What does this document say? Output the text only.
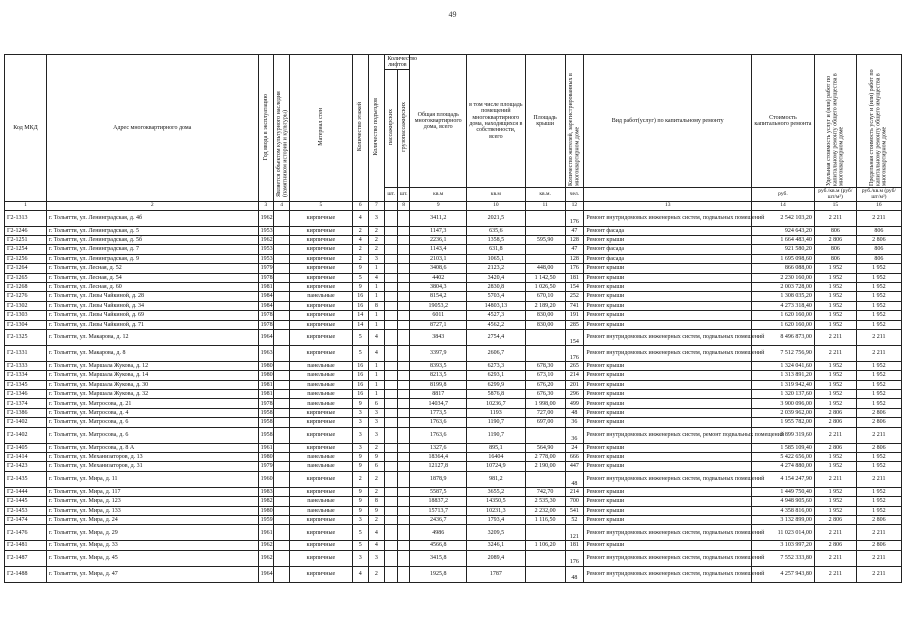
49
Код МКД	Адрес многоквартирного дома	Год ввода в эксплуатацию	Является объектом культурного наследия (памятником истории и культуры)	Материал стен	Количество этажей	Количество подъездов	Количество лифтов		Общая площадь многоквартирного дома, всего	в том числе площадь помещений многоквартирного дома, находящихся в собственности, всего	Площадь крыши	Количество жителей, зарегистрированных в многоквартирном доме	Вид работ(услуг) по капитальному ремонту	Стоимость капитального ремонта	Удельная стоимость услуг и (или) работ по капитальному ремонту общего имущества в многоквартирном доме	Предельная стоимость услуг и (или) работ по капитальному ремонту общего имущества в многоквартирном доме
							пассажирских	грузопассажирских								
							шт.	шт.	кв.м	кв.м	кв.м.	чел.		руб.	руб./кв.м (руб/шт/м²)	руб./кв.м (руб/шт/м²)
1	2	3	4	5	6	7		8	9	10	11	12	13	14	15	16
Г2-1313	г. Тольятти, ул. Ленинградская, д. 4б	1962		кирпичные	4	3			3411,2	2021,5		176	Ремонт внутридомовых инженерных систем, подвальных помещений	2 542 103,20	2 211	2 211
Г2-1246	г. Тольятти, ул. Ленинградская, д. 5	1953		кирпичные	2	2			1147,3	635,6		47	Ремонт фасада	924 643,20	806	806
Г2-1251	г. Тольятти, ул. Ленинградская, д. 5б	1962		кирпичные	4	2			2236,1	1358,5	595,90	128	Ремонт крыши	1 664 483,40	2 806	2 806
Г2-1254	г. Тольятти, ул. Ленинградская, д. 7	1953		кирпичные	2	2			1143,4	631,8		47	Ремонт фасада	921 580,20	806	806
Г2-1256	г. Тольятти, ул. Ленинградская, д. 9	1953		кирпичные	2	3			2103,1	1065,1		128	Ремонт фасада	1 695 098,60	806	806
Г2-1264	г. Тольятти, ул. Лесная, д. 52	1979		кирпичные	9	1			3408,6	2123,2	448,00	176	Ремонт крыши	866 088,00	1 952	1 952
Г2-1265	г. Тольятти, ул. Лесная, д. 54	1978		кирпичные	5	4			4402	3420,4	1 142,50	181	Ремонт крыши	2 230 160,00	1 952	1 952
Г2-1268	г. Тольятти, ул. Лесная, д. 60	1981		кирпичные	9	1			3804,3	2830,8	1 026,50	154	Ремонт крыши	2 003 728,00	1 952	1 952
Г2-1276	г. Тольятти, ул. Лизы Чайкиной, д. 28	1984		панельные	16	1			8154,2	5703,4	670,10	252	Ремонт крыши	1 308 035,20	1 952	1 952
Г2-1302	г. Тольятти, ул. Лизы Чайкиной, д. 34	1984		кирпичные	16	8			19053,2	14803,13	2 189,20	741	Ремонт крыши	4 273 318,40	1 952	1 952
Г2-1303	г. Тольятти, ул. Лизы Чайкиной, д. 69	1978		кирпичные	14	1			6011	4527,3	830,00	191	Ремонт крыши	1 620 160,00	1 952	1 952
Г2-1304	г. Тольятти, ул. Лизы Чайкиной, д. 71	1978		кирпичные	14	1			8727,1	4562,2	830,00	285	Ремонт крыши	1 620 160,00	1 952	1 952
Г2-1325	г. Тольятти, ул. Макарова, д. 12	1964		кирпичные	5	4			3843	2754,4		154	Ремонт внутридомовых инженерных систем, подвальных помещений	8 496 873,00	2 211	2 211
Г2-1331	г. Тольятти, ул. Макарова, д. 8	1963		кирпичные	5	4			3397,9	2606,7		176	Ремонт внутридомовых инженерных систем, подвальных помещений	7 512 756,90	2 211	2 211
Г2-1333	г. Тольятти, ул. Маршала Жукова, д. 12	1980		панельные	16	1			8393,5	6273,3	678,30	265	Ремонт крыши	1 324 041,60	1 952	1 952
Г2-1334	г. Тольятти, ул. Маршала Жукова, д. 14	1980		панельные	16	1			8213,5	6293,1	673,10	214	Ремонт крыши	1 313 891,20	1 952	1 952
Г2-1345	г. Тольятти, ул. Маршала Жукова, д. 30	1981		панельные	16	1			8199,8	6299,9	676,20	201	Ремонт крыши	1 319 942,40	1 952	1 952
Г2-1346	г. Тольятти, ул. Маршала Жукова, д. 32	1981		панельные	16	1			8817	5876,8	676,30	296	Ремонт крыши	1 320 137,60	1 952	1 952
Г2-1374	г. Тольятти, ул. Матросова, д. 21	1978		панельные	9	6			14034,7	10236,7	1 998,00	499	Ремонт крыши	3 900 096,00	1 952	1 952
Г2-1386	г. Тольятти, ул. Матросова, д. 4	1958		кирпичные	3	3			1773,5	1193	727,00	48	Ремонт крыши	2 039 962,00	2 806	2 806
Г2-1402	г. Тольятти, ул. Матросова, д. 6	1958		кирпичные	3	3			1763,6	1190,7	697,00	36	Ремонт крыши	1 955 782,00	2 806	2 806
Г2-1402	г. Тольятти, ул. Матросова, д. 6	1958		кирпичные	3	3			1763,6	1190,7		36	Ремонт внутридомовых инженерных систем, ремонт подвальных помещений	3 899 319,60	2 211	2 211
Г2-1405	г. Тольятти, ул. Матросова, д. 8 А	1961		кирпичные	3	2			1327,6	895,1	564,90	24	Ремонт крыши	1 585 109,40	2 806	2 806
Г2-1414	г. Тольятти, ул. Механизаторов, д. 13	1980		панельные	9	9			18364,4	16404	2 778,00	666	Ремонт крыши	5 422 656,00	1 952	1 952
Г2-1423	г. Тольятти, ул. Механизаторов, д. 31	1979		панельные	9	6			12127,8	10724,9	2 190,00	447	Ремонт крыши	4 274 880,00	1 952	1 952
Г2-1435	г. Тольятти, ул. Мира, д. 11	1960		кирпичные	2	2			1878,9	981,2		48	Ремонт внутридомовых инженерных систем, подвальных помещений	4 154 247,90	2 211	2 211
Г2-1444	г. Тольятти, ул. Мира, д. 117	1983		кирпичные	9	2			5587,5	3655,2	742,70	214	Ремонт крыши	1 449 750,40	1 952	1 952
Г2-1445	г. Тольятти, ул. Мира, д. 123	1982		панельные	9	8			18837,2	14350,5	2 535,30	700	Ремонт крыши	4 948 905,60	1 952	1 952
Г2-1453	г. Тольятти, ул. Мира, д. 133	1980		панельные	9	9			15713,7	10231,3	2 232,00	541	Ремонт крыши	4 358 816,00	1 952	1 952
Г2-1474	г. Тольятти, ул. Мира, д. 24	1959		кирпичные	3	2			2436,7	1793,4	1 116,50	52	Ремонт крыши	3 132 899,00	2 806	2 806
Г2-1476	г. Тольятти, ул. Мира, д. 29	1961		кирпичные	5	4			4986	3209,5		121	Ремонт внутридомовых инженерных систем, подвальных помещений	11 023 014,00	2 211	2 211
Г2-1481	г. Тольятти, ул. Мира, д. 33	1962		кирпичные	5	4			4566,8	3246,1	1 106,20	181	Ремонт крыши	3 103 997,20	2 806	2 806
Г2-1487	г. Тольятти, ул. Мира, д. 45	1962		кирпичные	3	3			3415,8	2089,4		176	Ремонт внутридомовых инженерных систем, подвальных помещений	7 552 333,80	2 211	2 211
Г2-1488	г. Тольятти, ул. Мира, д. 47	1964		кирпичные	4	2			1925,8	1787		48	Ремонт внутридомовых инженерных систем, подвальных помещений	4 257 943,80	2 211	2 211
